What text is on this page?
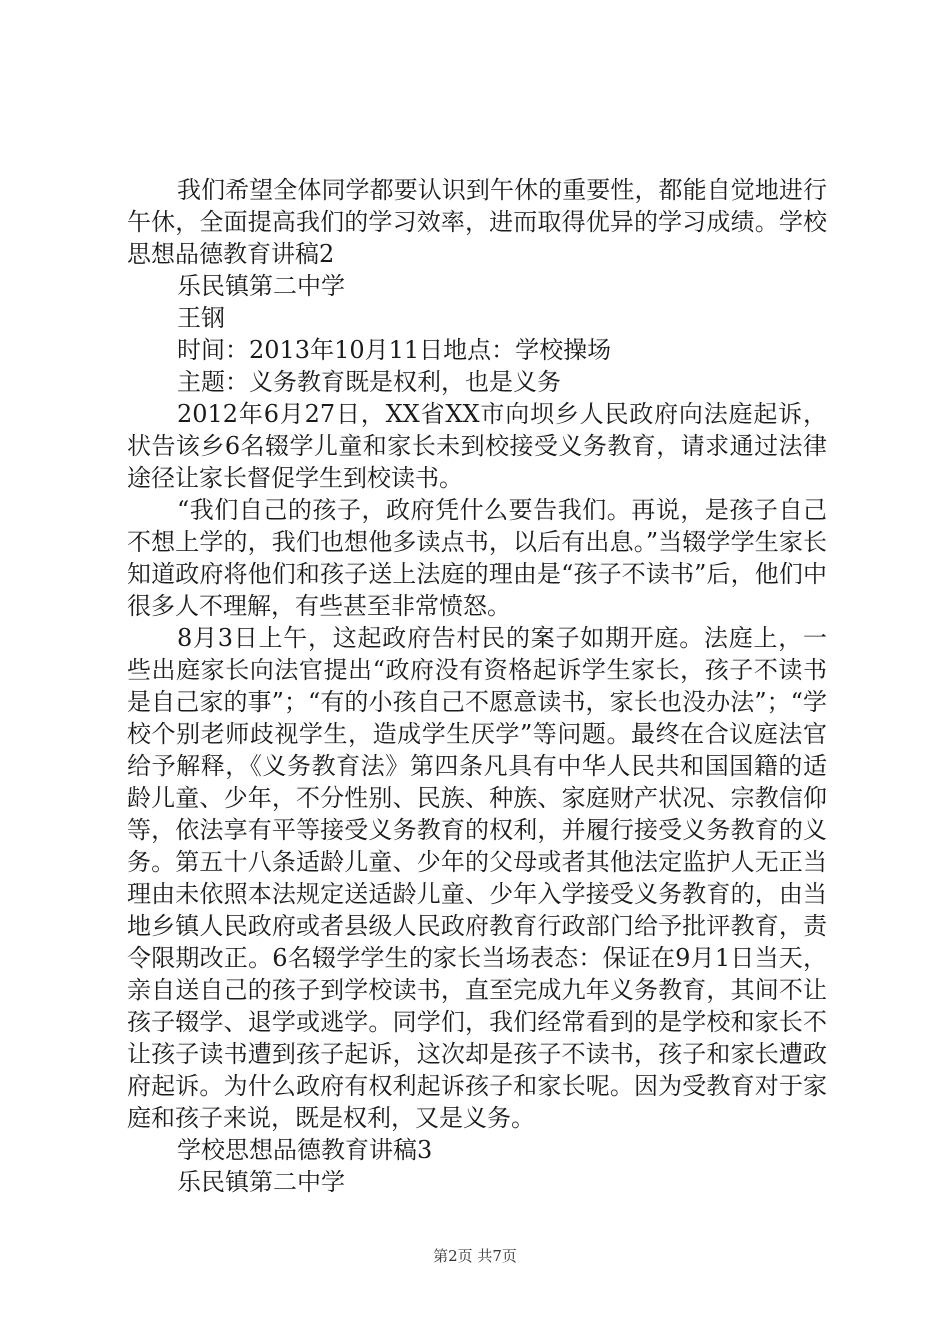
我们希望全体同学都要认识到午休的重要性，都能自觉地进行午休，全面提高我们的学习效率，进而取得优异的学习成绩。学校思想品德教育讲稿2

乐民镇第二中学

王钢

时间：2013年10月11日地点：学校操场

主题：义务教育既是权利，也是义务

2012年6月27日，XX省XX市向坝乡人民政府向法庭起诉，状告该乡6名辍学儿童和家长未到校接受义务教育，请求通过法律途径让家长督促学生到校读书。

“我们自己的孩子，政府凭什么要告我们。再说，是孩子自己不想上学的，我们也想他多读点书，以后有出息。”当辍学学生家长知道政府将他们和孩子送上法庭的理由是“孩子不读书”后，他们中很多人不理解，有些甚至非常愤怒。

8月3日上午，这起政府告村民的案子如期开庭。法庭上，一些出庭家长向法官提出“政府没有资格起诉学生家长，孩子不读书是自己家的事”；“有的小孩自己不愿意读书，家长也没办法”；“学校个别老师歧视学生，造成学生厌学”等问题。最终在合议庭法官给予解释，《义务教育法》第四条凡具有中华人民共和国国籍的适龄儿童、少年，不分性别、民族、种族、家庭财产状况、宗教信仰等，依法享有平等接受义务教育的权利，并履行接受义务教育的义务。第五十八条适龄儿童、少年的父母或者其他法定监护人无正当理由未依照本法规定送适龄儿童、少年入学接受义务教育的，由当地乡镇人民政府或者县级人民政府教育行政部门给予批评教育，责令限期改正。6名辍学学生的家长当场表态：保证在9月1日当天，亲自送自己的孩子到学校读书，直至完成九年义务教育，其间不让孩子辍学、退学或逃学。同学们，我们经常看到的是学校和家长不让孩子读书遭到孩子起诉，这次却是孩子不读书，孩子和家长遭政府起诉。为什么政府有权利起诉孩子和家长呢。因为受教育对于家庭和孩子来说，既是权利，又是义务。

学校思想品德教育讲稿3

乐民镇第二中学

第2页 共7页
